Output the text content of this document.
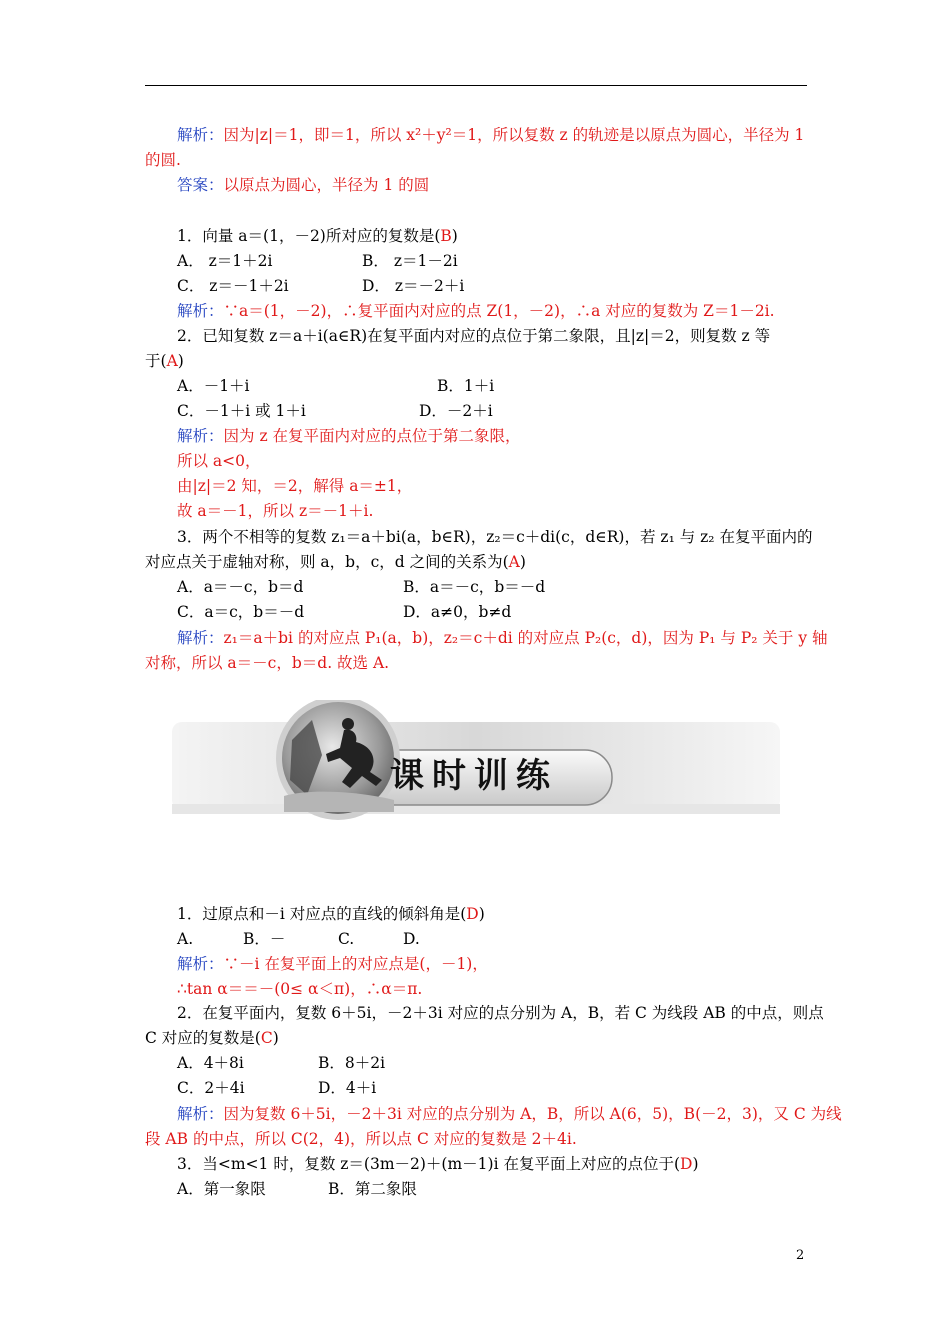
解析：因为|z|＝1，即＝1，所以 x²＋y²＝1，所以复数 z 的轨迹是以原点为圆心，半径为 1
的圆.
答案：以原点为圆心，半径为 1 的圆
1．向量 a＝(1，－2)所对应的复数是(B)
A． z＝1＋2i	B． z＝1－2i
C． z＝－1＋2i	D． z＝－2＋i
解析：∵a＝(1，－2)，∴复平面内对应的点 Z(1，－2)，∴a 对应的复数为 Z＝1－2i.
2．已知复数 z＝a＋i(a∈R)在复平面内对应的点位于第二象限，且|z|＝2，则复数 z 等
于(A)
A．－1＋i	B．1＋i
C．－1＋i 或 1＋i	D．－2＋i
解析：因为 z 在复平面内对应的点位于第二象限，
所以 a<0，
由|z|＝2 知，＝2，解得 a＝±1，
故 a＝－1，所以 z＝－1＋i.
3．两个不相等的复数 z₁＝a＋bi(a，b∈R)，z₂＝c＋di(c，d∈R)，若 z₁ 与 z₂ 在复平面内的
对应点关于虚轴对称，则 a，b，c，d 之间的关系为(A)
A．a＝－c，b＝d	B．a＝－c，b＝－d
C．a＝c，b＝－d	D．a≠0，b≠d
解析：z₁＝a＋bi 的对应点 P₁(a，b)，z₂＝c＋di 的对应点 P₂(c，d)，因为 P₁ 与 P₂ 关于 y 轴
对称，所以 a＝－c，b＝d. 故选 A.
课时训练
1．过原点和－i 对应点的直线的倾斜角是(D)
A.	B．－	C.	D.
解析：∵－i 在复平面上的对应点是(，－1)，
∴tan α＝＝－(0≤ α＜π)，∴α＝π.
2．在复平面内，复数 6＋5i，－2＋3i 对应的点分别为 A，B，若 C 为线段 AB 的中点，则点
C 对应的复数是(C)
A．4＋8i	B．8＋2i
C．2＋4i	D．4＋i
解析：因为复数 6＋5i，－2＋3i 对应的点分别为 A，B，所以 A(6，5)，B(－2，3)，又 C 为线
段 AB 的中点，所以 C(2，4)，所以点 C 对应的复数是 2＋4i.
3．当<m<1 时，复数 z＝(3m－2)＋(m－1)i 在复平面上对应的点位于(D)
A．第一象限	B．第二象限
2
